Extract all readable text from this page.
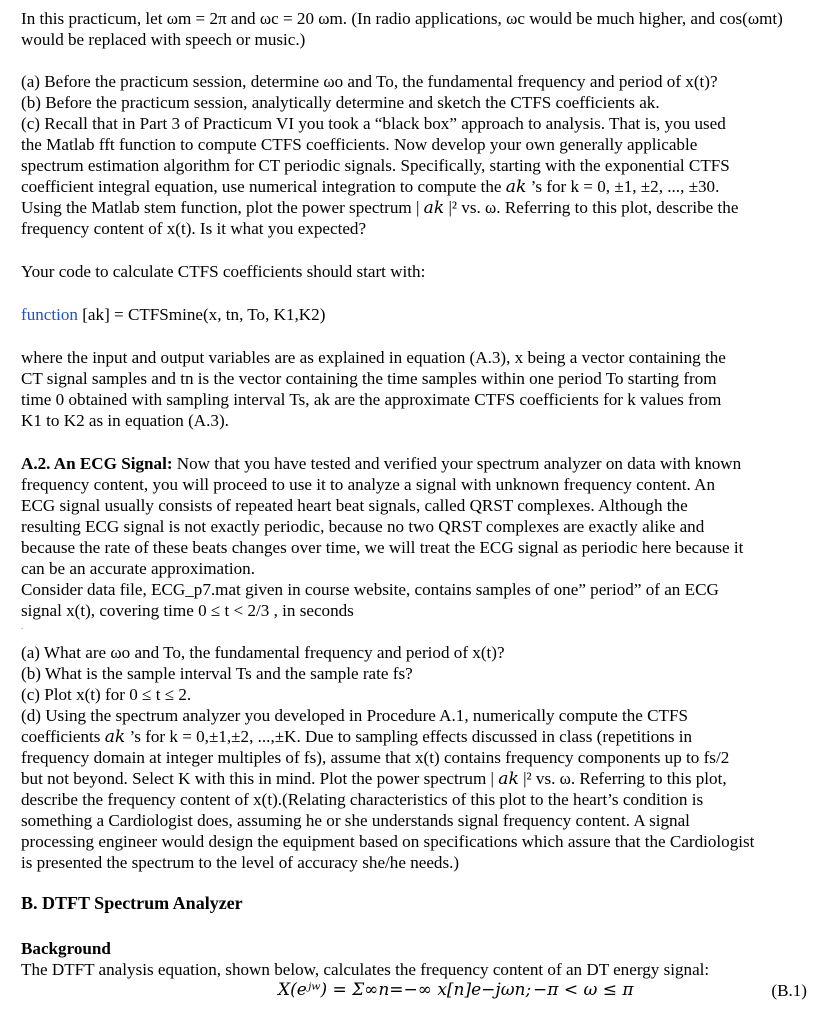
In this practicum, let ωm = 2π and ωc = 20 ωm. (In radio applications, ωc would be much higher, and cos(ωmt)

would be replaced with speech or music.)

(a) Before the practicum session, determine ωo and To, the fundamental frequency and period of x(t)?

(b) Before the practicum session, analytically determine and sketch the CTFS coefficients ak.

(c) Recall that in Part 3 of Practicum VI you took a “black box” approach to analysis. That is, you used

the Matlab fft function to compute CTFS coefficients. Now develop your own generally applicable

spectrum estimation algorithm for CT periodic signals. Specifically, starting with the exponential CTFS

coefficient integral equation, use numerical integration to compute the 𝑎𝑘 ’s for k = 0, ±1, ±2, ..., ±30.

Using the Matlab stem function, plot the power spectrum | 𝑎𝑘 |² vs. ω. Referring to this plot, describe the

frequency content of x(t). Is it what you expected?

Your code to calculate CTFS coefficients should start with:

function [ak] = CTFSmine(x, tn, To, K1,K2)

where the input and output variables are as explained in equation (A.3), x being a vector containing the

CT signal samples and tn is the vector containing the time samples within one period To starting from

time 0 obtained with sampling interval Ts, ak are the approximate CTFS coefficients for k values from

K1 to K2 as in equation (A.3).

A.2. An ECG Signal: Now that you have tested and verified your spectrum analyzer on data with known

frequency content, you will proceed to use it to analyze a signal with unknown frequency content. An

ECG signal usually consists of repeated heart beat signals, called QRST complexes. Although the

resulting ECG signal is not exactly periodic, because no two QRST complexes are exactly alike and

because the rate of these beats changes over time, we will treat the ECG signal as periodic here because it

can be an accurate approximation.

Consider data file, ECG_p7.mat given in course website, contains samples of one” period” of an ECG

signal x(t), covering time 0 ≤ t < 2/3 , in seconds

.

(a) What are ωo and To, the fundamental frequency and period of x(t)?

(b) What is the sample interval Ts and the sample rate fs?

(c) Plot x(t) for 0 ≤ t ≤ 2.

(d) Using the spectrum analyzer you developed in Procedure A.1, numerically compute the CTFS

coefficients 𝑎𝑘 ’s for k = 0,±1,±2, ...,±K. Due to sampling effects discussed in class (repetitions in

frequency domain at integer multiples of fs), assume that x(t) contains frequency components up to fs/2

but not beyond. Select K with this in mind. Plot the power spectrum | 𝑎𝑘 |² vs. ω. Referring to this plot,

describe the frequency content of x(t).(Relating characteristics of this plot to the heart’s condition is

something a Cardiologist does, assuming he or she understands signal frequency content. A signal

processing engineer would design the equipment based on specifications which assure that the Cardiologist

is presented the spectrum to the level of accuracy she/he needs.)

B. DTFT Spectrum Analyzer

Background

The DTFT analysis equation, shown below, calculates the frequency content of an DT energy signal:

X(eʲʷ) = Σ∞n=−∞ x[n]e−jωn; −π < ω ≤ π	(B.1)
